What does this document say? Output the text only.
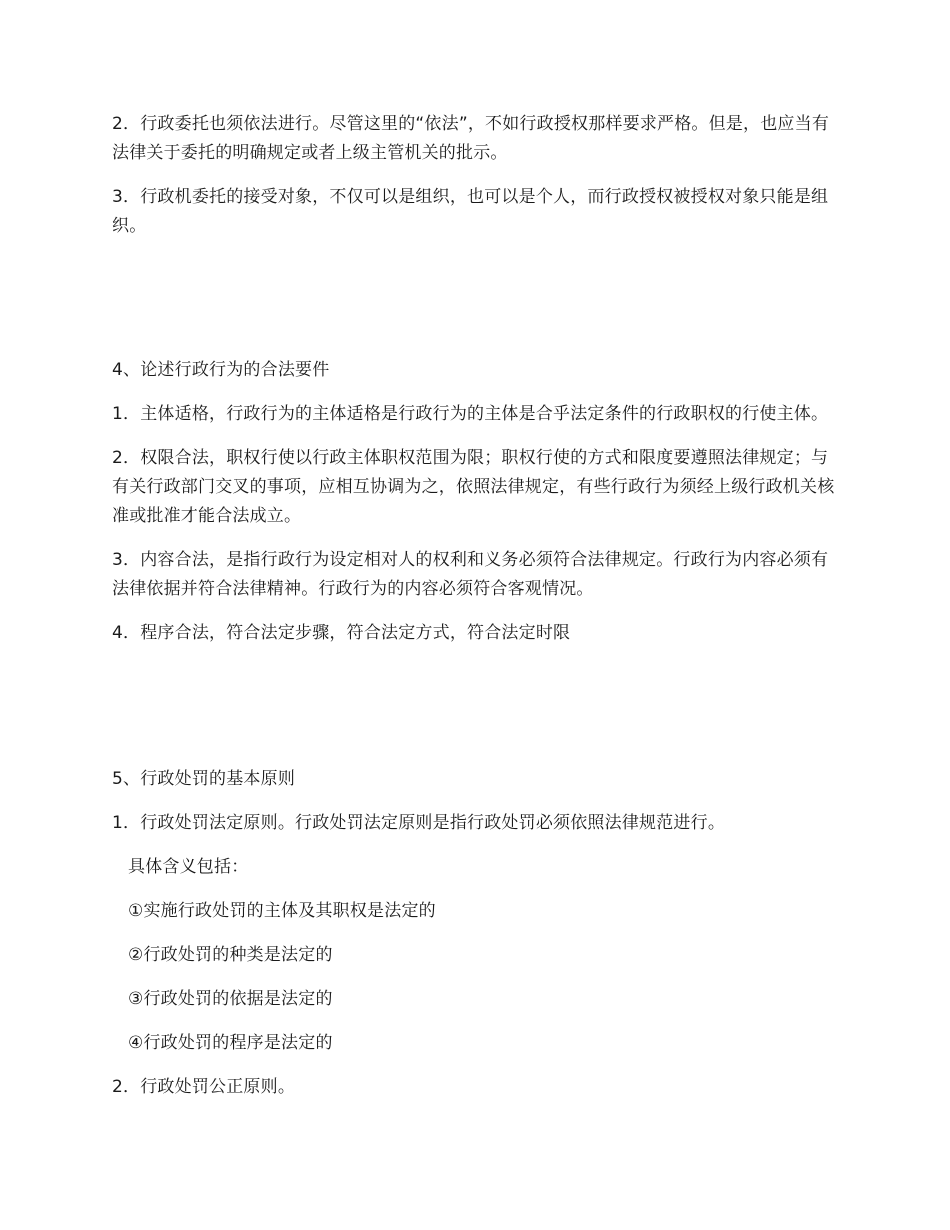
2．行政委托也须依法进行。尽管这里的“依法”，不如行政授权那样要求严格。但是，也应当有法律关于委托的明确规定或者上级主管机关的批示。

3．行政机委托的接受对象，不仅可以是组织，也可以是个人，而行政授权被授权对象只能是组织。

4、论述行政行为的合法要件

1．主体适格，行政行为的主体适格是行政行为的主体是合乎法定条件的行政职权的行使主体。

2．权限合法，职权行使以行政主体职权范围为限；职权行使的方式和限度要遵照法律规定；与有关行政部门交叉的事项，应相互协调为之，依照法律规定，有些行政行为须经上级行政机关核准或批准才能合法成立。

3．内容合法，是指行政行为设定相对人的权利和义务必须符合法律规定。行政行为内容必须有法律依据并符合法律精神。行政行为的内容必须符合客观情况。

4．程序合法，符合法定步骤，符合法定方式，符合法定时限

5、行政处罚的基本原则

1．行政处罚法定原则。行政处罚法定原则是指行政处罚必须依照法律规范进行。

具体含义包括：

①实施行政处罚的主体及其职权是法定的

②行政处罚的种类是法定的

③行政处罚的依据是法定的

④行政处罚的程序是法定的

2．行政处罚公正原则。
